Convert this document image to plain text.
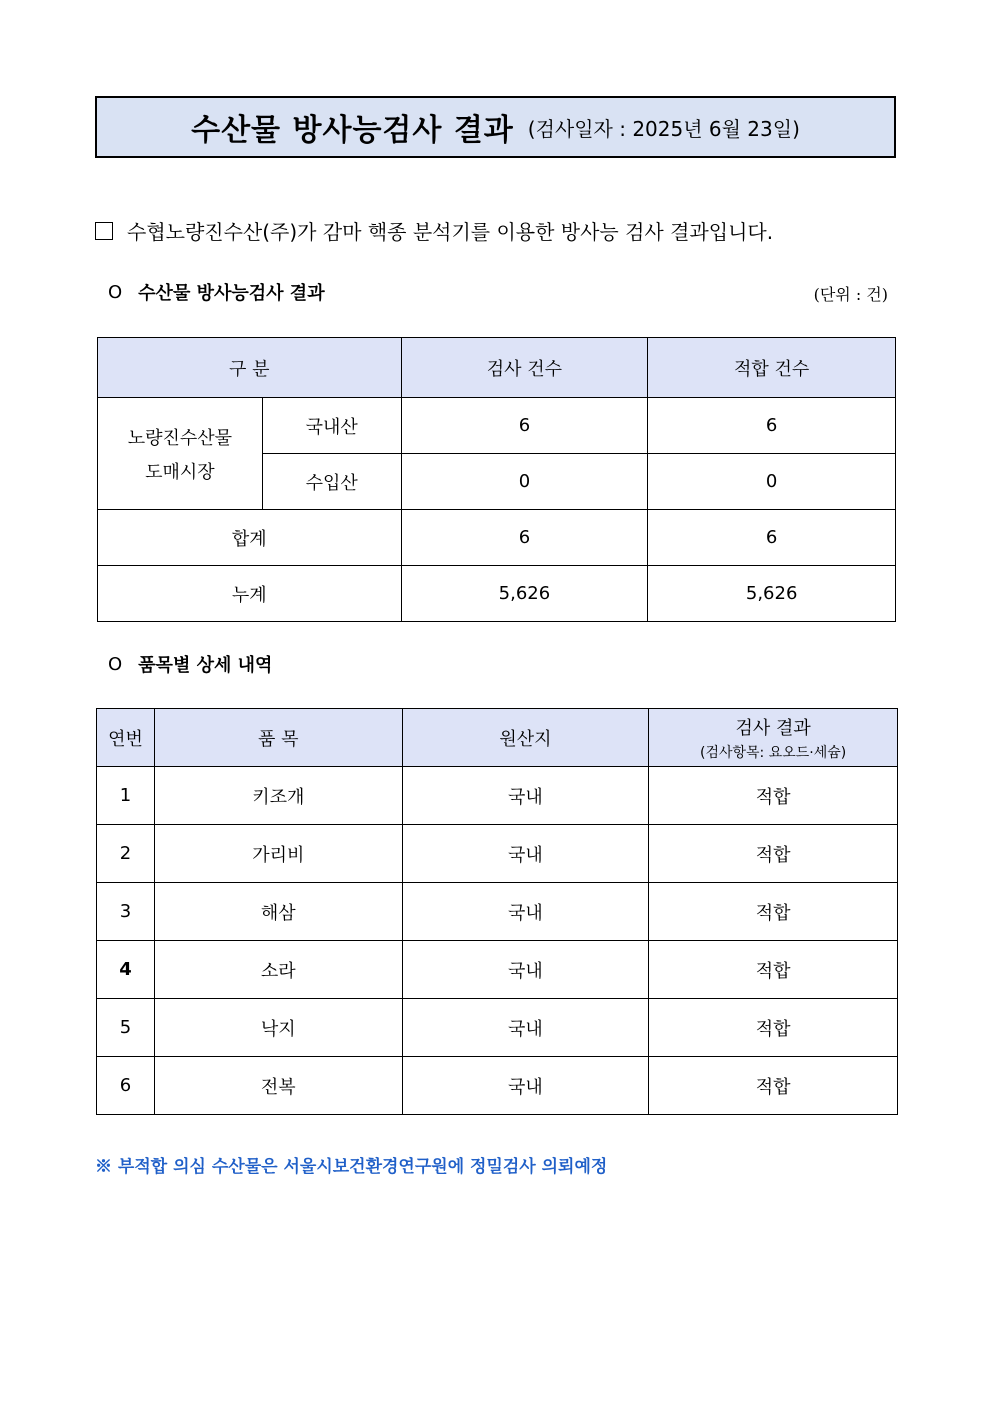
수산물 방사능검사 결과 (검사일자 : 2025년 6월 23일)
수협노량진수산(주)가 감마 핵종 분석기를 이용한 방사능 검사 결과입니다.
O 수산물 방사능검사 결과	(단위 : 건)
구 분		검사 건수	적합 건수

노량진수산물
도매시장	국내산	6	6
	수입산	0	0
합계		6	6
누계		5,626	5,626
O 품목별 상세 내역
연번	품 목	원산지	검사 결과
(검사항목: 요오드·세슘)

1	키조개	국내	적합
2	가리비	국내	적합
3	해삼	국내	적합
4	소라	국내	적합
5	낙지	국내	적합
6	전복	국내	적합
※ 부적합 의심 수산물은 서울시보건환경연구원에 정밀검사 의뢰예정
